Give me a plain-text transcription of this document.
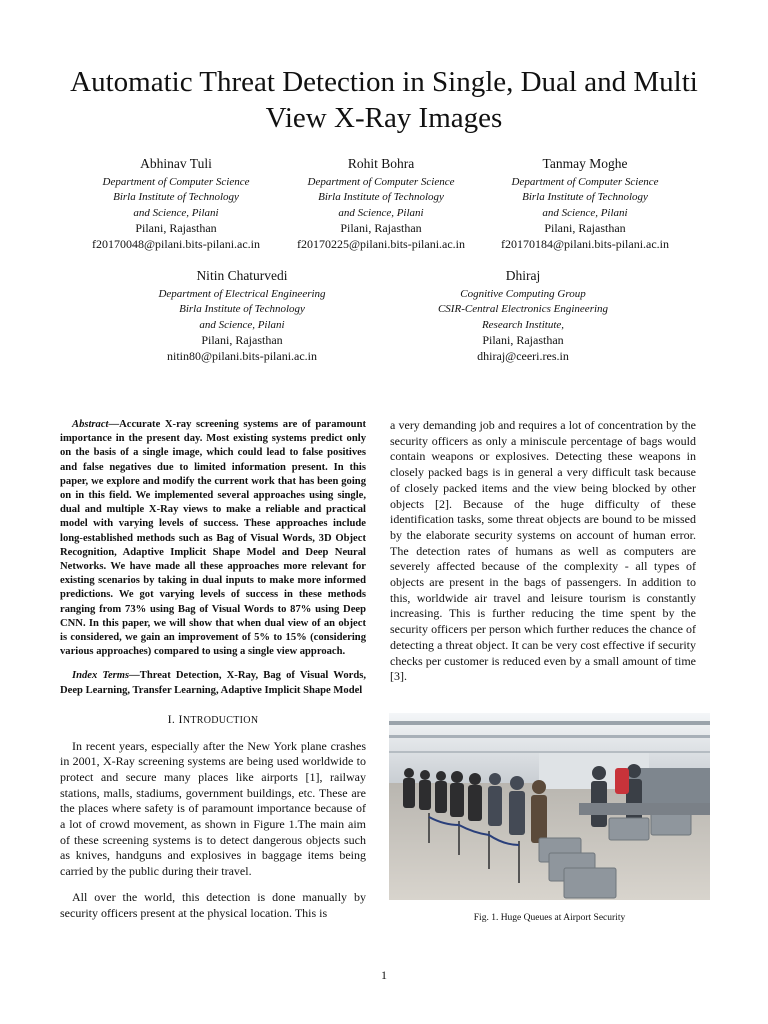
Automatic Threat Detection in Single, Dual and Multi View X-Ray Images
Abhinav Tuli
Department of Computer Science
Birla Institute of Technology
and Science, Pilani
Pilani, Rajasthan
f20170048@pilani.bits-pilani.ac.in
Rohit Bohra
Department of Computer Science
Birla Institute of Technology
and Science, Pilani
Pilani, Rajasthan
f20170225@pilani.bits-pilani.ac.in
Tanmay Moghe
Department of Computer Science
Birla Institute of Technology
and Science, Pilani
Pilani, Rajasthan
f20170184@pilani.bits-pilani.ac.in
Nitin Chaturvedi
Department of Electrical Engineering
Birla Institute of Technology
and Science, Pilani
Pilani, Rajasthan
nitin80@pilani.bits-pilani.ac.in
Dhiraj
Cognitive Computing Group
CSIR-Central Electronics Engineering
Research Institute,
Pilani, Rajasthan
dhiraj@ceeri.res.in

Abstract—Accurate X-ray screening systems are of paramount importance in the present day. Most existing systems predict only on the basis of a single image, which could lead to false positives and false negatives due to limited information present. In this paper, we explore and modify the current work that has been going on in this field. We implemented several approaches using single, dual and multiple X-Ray views to make a reliable and practical model with varying levels of success. These approaches include long-established methods such as Bag of Visual Words, 3D Object Recognition, Adaptive Implicit Shape Model and Deep Neural Networks. We have made all these approaches more relevant for existing scenarios by taking in dual inputs to make more informed predictions. We got varying levels of success in these methods ranging from 73% using Bag of Visual Words to 87% using Deep CNN. In this paper, we will show that when dual view of an object is considered, we gain an improvement of 5% to 15% (considering various approaches) compared to using a single view approach.

Index Terms—Threat Detection, X-Ray, Bag of Visual Words, Deep Learning, Transfer Learning, Adaptive Implicit Shape Model

I. INTRODUCTION

In recent years, especially after the New York plane crashes in 2001, X-Ray screening systems are being used worldwide to protect and secure many places like airports [1], railway stations, malls, stadiums, government buildings, etc. These are the places where safety is of paramount importance because of a lot of crowd movement, as shown in Figure 1.The main aim of these screening systems is to detect dangerous objects such as knives, handguns and explosives in baggage items being carried by the public during their travel.

All over the world, this detection is done manually by security officers present at the physical location. This is

a very demanding job and requires a lot of concentration by the security officers as only a miniscule percentage of bags would contain weapons or explosives. Detecting these weapons in closely packed bags is in general a very difficult task because of closely packed items and the view being blocked by other objects [2]. Because of the huge difficulty of these identification tasks, some threat objects are bound to be missed by the elaborate security systems on account of human error. The detection rates of humans as well as computers are severely affected because of the complexity - all types of objects are present in the bags of passengers. In addition to this, worldwide air travel and leisure tourism is constantly increasing. This is further reducing the time spent by the security officers per person which further reduces the chance of detecting a threat object. It can be very cost effective if security checks per customer is reduced even by a small amount of time [3].

Fig. 1. Huge Queues at Airport Security
1
